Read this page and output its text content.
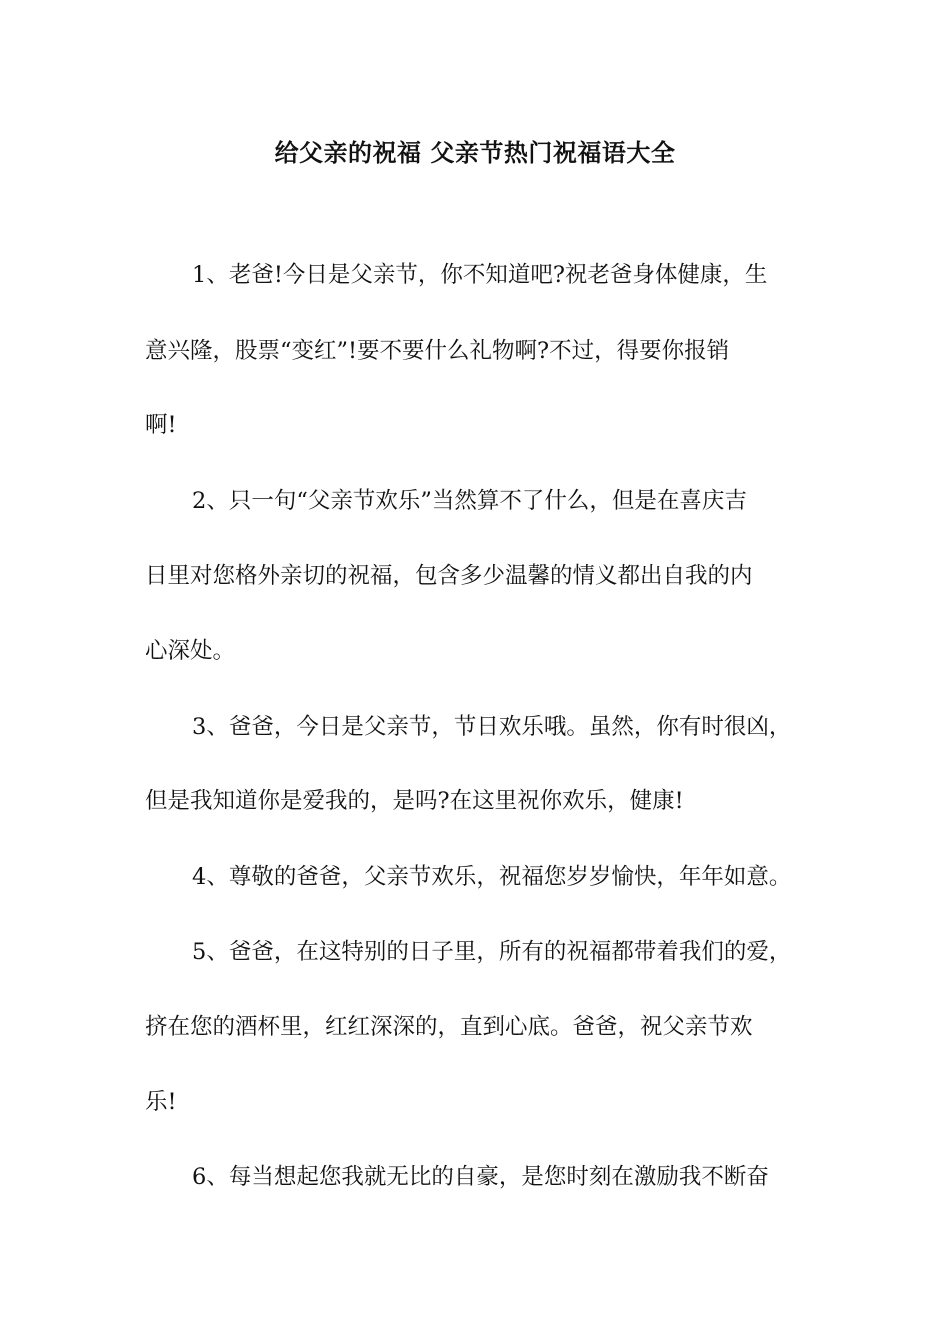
给父亲的祝福 父亲节热门祝福语大全
1、老爸!今日是父亲节，你不知道吧?祝老爸身体健康，生
意兴隆，股票“变红”!要不要什么礼物啊?不过，得要你报销
啊!
2、只一句“父亲节欢乐”当然算不了什么，但是在喜庆吉
日里对您格外亲切的祝福，包含多少温馨的情义都出自我的内
心深处。
3、爸爸，今日是父亲节，节日欢乐哦。虽然，你有时很凶，
但是我知道你是爱我的，是吗?在这里祝你欢乐，健康!
4、尊敬的爸爸，父亲节欢乐，祝福您岁岁愉快，年年如意。
5、爸爸，在这特别的日子里，所有的祝福都带着我们的爱，
挤在您的酒杯里，红红深深的，直到心底。爸爸，祝父亲节欢
乐!
6、每当想起您我就无比的自豪，是您时刻在激励我不断奋
